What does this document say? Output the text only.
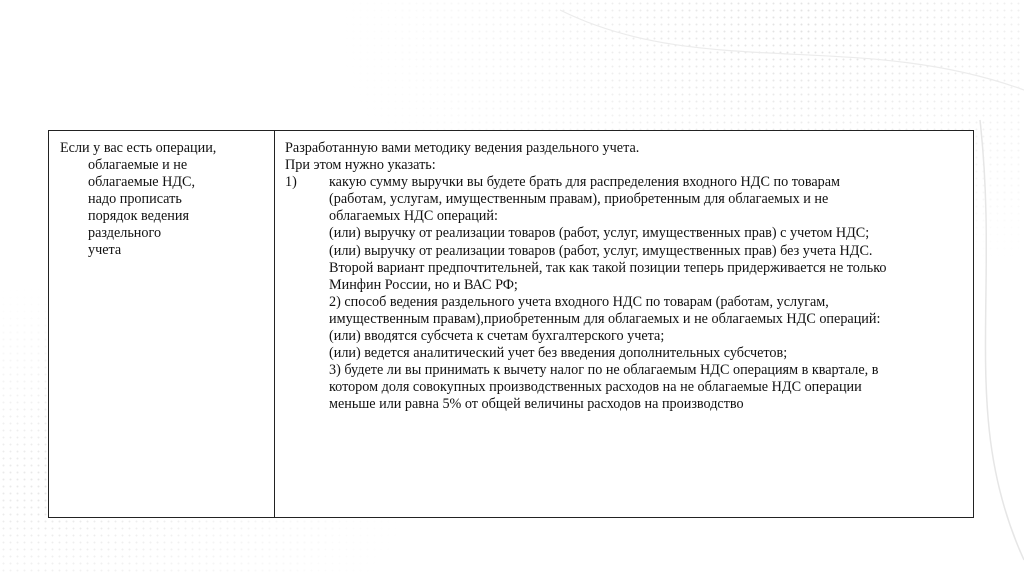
Если у вас есть операции,
облагаемые и не
облагаемые НДС,
надо прописать
порядок ведения
раздельного
учета
Разработанную вами методику ведения раздельного учета.
При этом нужно указать:
1)	какую сумму выручки вы будете брать для распределения входного НДС по товарам
(работам, услугам, имущественным правам), приобретенным для облагаемых и не
облагаемых НДС операций:
(или) выручку от реализации товаров (работ, услуг, имущественных прав) с учетом НДС;
(или) выручку от реализации товаров (работ, услуг, имущественных прав) без учета НДС.
Второй вариант предпочтительней, так как такой позиции теперь придерживается не только
Минфин России, но и ВАС РФ;
2) способ ведения раздельного учета входного НДС по товарам (работам, услугам,
имущественным правам),приобретенным для облагаемых и не облагаемых НДС операций:
(или) вводятся субсчета к счетам бухгалтерского учета;
(или) ведется аналитический учет без введения дополнительных субсчетов;
3) будете ли вы принимать к вычету налог по не облагаемым НДС операциям в квартале, в
котором доля совокупных производственных расходов на не облагаемые НДС операции
меньше или равна 5% от общей величины расходов на производство
